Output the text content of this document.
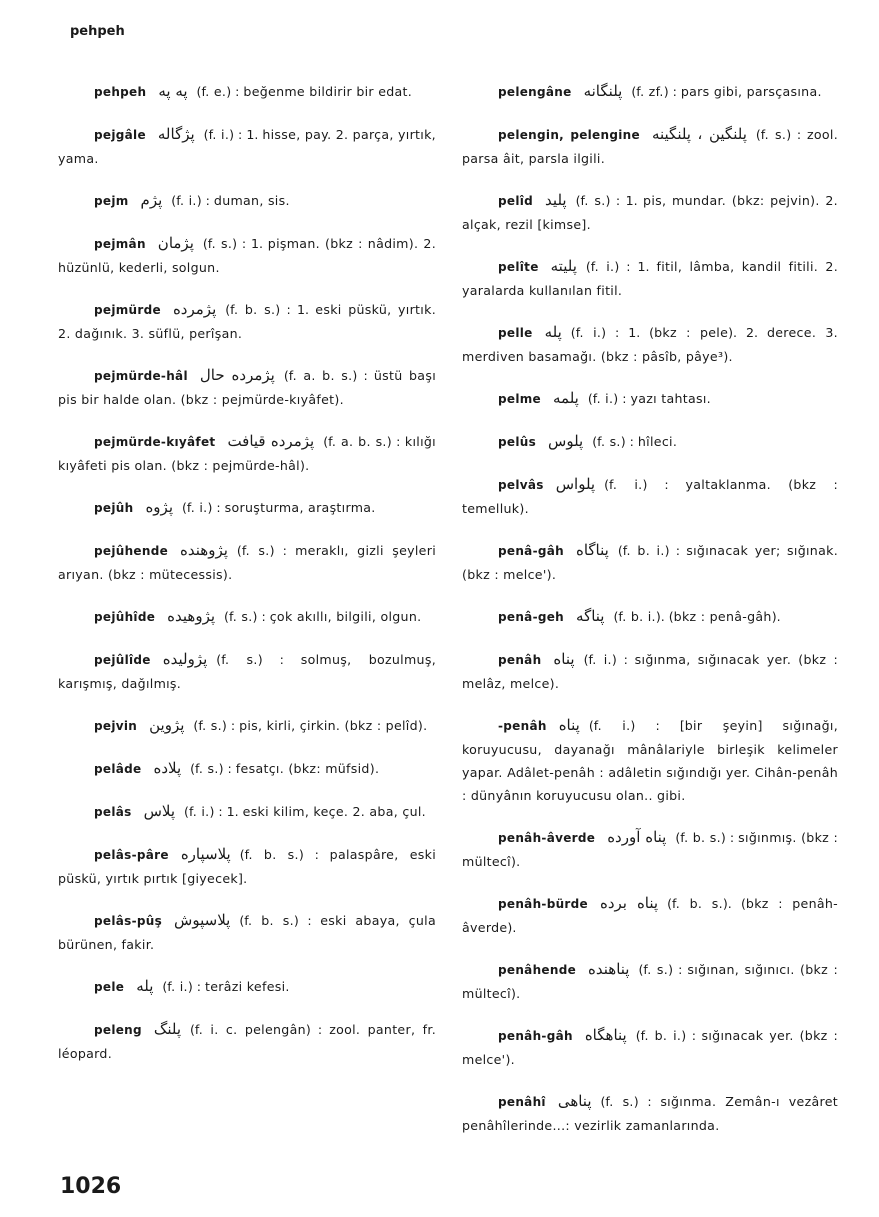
pehpeh
pehpeh په په (f. e.) : beğenme bildirir bir edat.
pejgâle پژگاله (f. i.) : 1. hisse, pay. 2. parça, yırtık, yama.
pejm پژم (f. i.) : duman, sis.
pejmân پژمان (f. s.) : 1. pişman. (bkz : nâdim). 2. hüzünlü, kederli, solgun.
pejmürde پژمرده (f. b. s.) : 1. eski püskü, yırtık. 2. dağınık. 3. süflü, perîşan.
pejmürde-hâl پژمرده حال (f. a. b. s.) : üstü başı pis bir halde olan. (bkz : pejmürde-kıyâfet).
pejmürde-kıyâfet پژمرده قیافت (f. a. b. s.) : kılığı kıyâfeti pis olan. (bkz : pejmürde-hâl).
pejûh پژوه (f. i.) : soruşturma, araştırma.
pejûhende پژوهنده (f. s.) : meraklı, gizli şeyleri arıyan. (bkz : mütecessis).
pejûhîde پژوهیده (f. s.) : çok akıllı, bilgili, olgun.
pejûlîde پژولیده (f. s.) : solmuş, bozulmuş, karışmış, dağılmış.
pejvin پژوین (f. s.) : pis, kirli, çirkin. (bkz : pelîd).
pelâde پلاده (f. s.) : fesatçı. (bkz: müfsid).
pelâs پلاس (f. i.) : 1. eski kilim, keçe. 2. aba, çul.
pelâs-pâre پلاسپاره (f. b. s.) : palaspâre, eski püskü, yırtık pırtık [giyecek].
pelâs-pûş پلاسپوش (f. b. s.) : eski abaya, çula bürünen, fakir.
pele پله (f. i.) : terâzi kefesi.
peleng پلنگ (f. i. c. pelengân) : zool. panter, fr. léopard.
pelengâne پلنگانه (f. zf.) : pars gibi, parsçasına.
pelengin, pelengine پلنگین ، پلنگینه (f. s.) : zool. parsa âit, parsla ilgili.
pelîd پلید (f. s.) : 1. pis, mundar. (bkz: pejvin). 2. alçak, rezil [kimse].
pelîte پلیته (f. i.) : 1. fitil, lâmba, kandil fitili. 2. yaralarda kullanılan fitil.
pelle پله (f. i.) : 1. (bkz : pele). 2. derece. 3. merdiven basamağı. (bkz : pâsîb, pâye³).
pelme پلمه (f. i.) : yazı tahtası.
pelûs پلوس (f. s.) : hîleci.
pelvâs پلواس (f. i.) : yaltaklanma. (bkz : temelluk).
penâ-gâh پناگاه (f. b. i.) : sığınacak yer; sığınak. (bkz : melce').
penâ-geh پناگه (f. b. i.). (bkz : penâ-gâh).
penâh پناه (f. i.) : sığınma, sığınacak yer. (bkz : melâz, melce).
-penâh پناه (f. i.) : [bir şeyin] sığınağı, koruyucusu, dayanağı mânâlariyle birleşik kelimeler yapar. Adâlet-penâh : adâletin sığındığı yer. Cihân-penâh : dünyânın koruyucusu olan.. gibi.
penâh-âverde پناه آورده (f. b. s.) : sığınmış. (bkz : mültecî).
penâh-bürde پناه برده (f. b. s.). (bkz : penâh-âverde).
penâhende پناهنده (f. s.) : sığınan, sığınıcı. (bkz : mültecî).
penâh-gâh پناهگاه (f. b. i.) : sığınacak yer. (bkz : melce').
penâhî پناهی (f. s.) : sığınma. Zemân-ı vezâret penâhîlerinde...: vezirlik zamanlarında.
1026
